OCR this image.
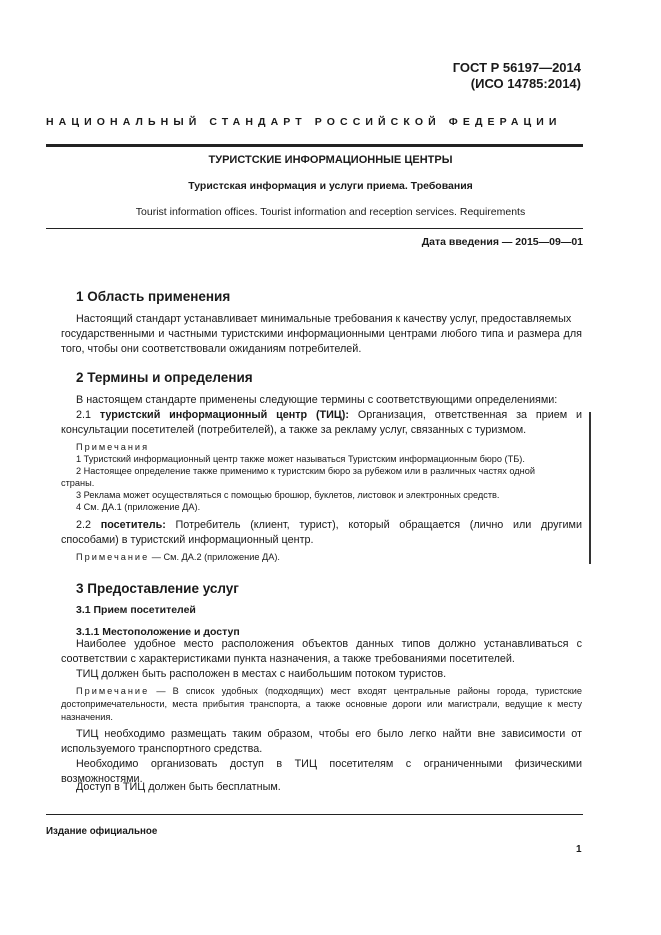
ГОСТ Р 56197—2014
(ИСО 14785:2014)
НАЦИОНАЛЬНЫЙ СТАНДАРТ РОССИЙСКОЙ ФЕДЕРАЦИИ
ТУРИСТСКИЕ ИНФОРМАЦИОННЫЕ ЦЕНТРЫ
Туристская информация и услуги приема. Требования
Tourist information offices. Tourist information and reception services. Requirements
Дата введения — 2015—09—01
1 Область применения
Настоящий стандарт устанавливает минимальные требования к качеству услуг, предоставляемых
государственными и частными туристскими информационными центрами любого типа и размера для того, чтобы они соответствовали ожиданиям потребителей.
2 Термины и определения
В настоящем стандарте применены следующие термины с соответствующими определениями:
2.1 туристский информационный центр (ТИЦ): Организация, ответственная за прием и консультации посетителей (потребителей), а также за рекламу услуг, связанных с туризмом.
Примечания
1 Туристский информационный центр также может называться Туристским информационным бюро (ТБ).
2 Настоящее определение также применимо к туристским бюро за рубежом или в различных частях одной
страны.
3 Реклама может осуществляться с помощью брошюр, буклетов, листовок и электронных средств.
4 См. ДА.1 (приложение ДА).
2.2 посетитель: Потребитель (клиент, турист), который обращается (лично или другими способами) в туристский информационный центр.
Примечание — См. ДА.2 (приложение ДА).
3 Предоставление услуг
3.1 Прием посетителей
3.1.1 Местоположение и доступ
Наиболее удобное место расположения объектов данных типов должно устанавливаться с соответствии с характеристиками пункта назначения, а также требованиями посетителей.
ТИЦ должен быть расположен в местах с наибольшим потоком туристов.
Примечание — В список удобных (подходящих) мест входят центральные районы города, туристские достопримечательности, места прибытия транспорта, а также основные дороги или магистрали, ведущие к месту назначения.
ТИЦ необходимо размещать таким образом, чтобы его было легко найти вне зависимости от используемого транспортного средства.
Необходимо организовать доступ в ТИЦ посетителям с ограниченными физическими возможностями.
Доступ в ТИЦ должен быть бесплатным.
Издание официальное
1
